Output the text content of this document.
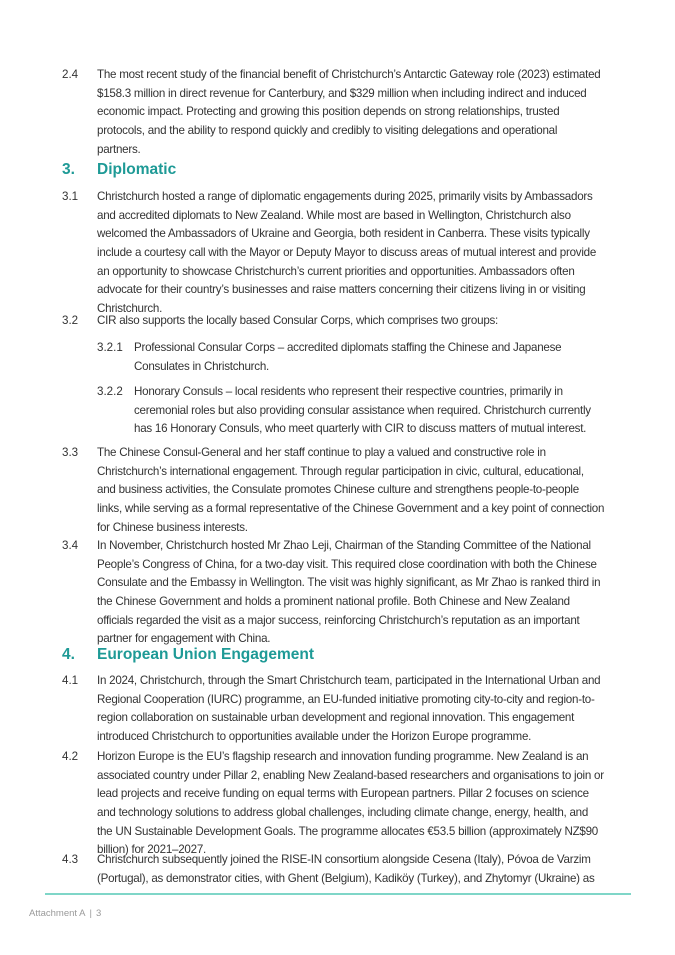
3. Diplomatic
4. European Union Engagement
Attachment A | 3
2.4 The most recent study of the financial benefit of Christchurch’s Antarctic Gateway role (2023) estimated
$158.3 million in direct revenue for Canterbury, and $329 million when including indirect and induced
economic impact. Protecting and growing this position depends on strong relationships, trusted
protocols, and the ability to respond quickly and credibly to visiting delegations and operational
partners.
3.1 Christchurch hosted a range of diplomatic engagements during 2025, primarily visits by Ambassadors
and accredited diplomats to New Zealand. While most are based in Wellington, Christchurch also
welcomed the Ambassadors of Ukraine and Georgia, both resident in Canberra. These visits typically
include a courtesy call with the Mayor or Deputy Mayor to discuss areas of mutual interest and provide
an opportunity to showcase Christchurch’s current priorities and opportunities. Ambassadors often
advocate for their country’s businesses and raise matters concerning their citizens living in or visiting
Christchurch.
3.2 CIR also supports the locally based Consular Corps, which comprises two groups:
3.2.1 Professional Consular Corps – accredited diplomats staffing the Chinese and Japanese
Consulates in Christchurch.
3.2.2 Honorary Consuls – local residents who represent their respective countries, primarily in
ceremonial roles but also providing consular assistance when required. Christchurch currently
has 16 Honorary Consuls, who meet quarterly with CIR to discuss matters of mutual interest.
3.3 The Chinese Consul-General and her staff continue to play a valued and constructive role in
Christchurch’s international engagement. Through regular participation in civic, cultural, educational,
and business activities, the Consulate promotes Chinese culture and strengthens people-to-people
links, while serving as a formal representative of the Chinese Government and a key point of connection
for Chinese business interests.
3.4 In November, Christchurch hosted Mr Zhao Leji, Chairman of the Standing Committee of the National
People’s Congress of China, for a two-day visit. This required close coordination with both the Chinese
Consulate and the Embassy in Wellington. The visit was highly significant, as Mr Zhao is ranked third in
the Chinese Government and holds a prominent national profile. Both Chinese and New Zealand
officials regarded the visit as a major success, reinforcing Christchurch’s reputation as an important
partner for engagement with China.
4.1 In 2024, Christchurch, through the Smart Christchurch team, participated in the International Urban and
Regional Cooperation (IURC) programme, an EU-funded initiative promoting city-to-city and region-to-
region collaboration on sustainable urban development and regional innovation. This engagement
introduced Christchurch to opportunities available under the Horizon Europe programme.
4.2 Horizon Europe is the EU’s flagship research and innovation funding programme. New Zealand is an
associated country under Pillar 2, enabling New Zealand-based researchers and organisations to join or
lead projects and receive funding on equal terms with European partners. Pillar 2 focuses on science
and technology solutions to address global challenges, including climate change, energy, health, and
the UN Sustainable Development Goals. The programme allocates €53.5 billion (approximately NZ$90
billion) for 2021–2027.
4.3 Christchurch subsequently joined the RISE-IN consortium alongside Cesena (Italy), Póvoa de Varzim
(Portugal), as demonstrator cities, with Ghent (Belgium), Kadiköy (Turkey), and Zhytomyr (Ukraine) as
